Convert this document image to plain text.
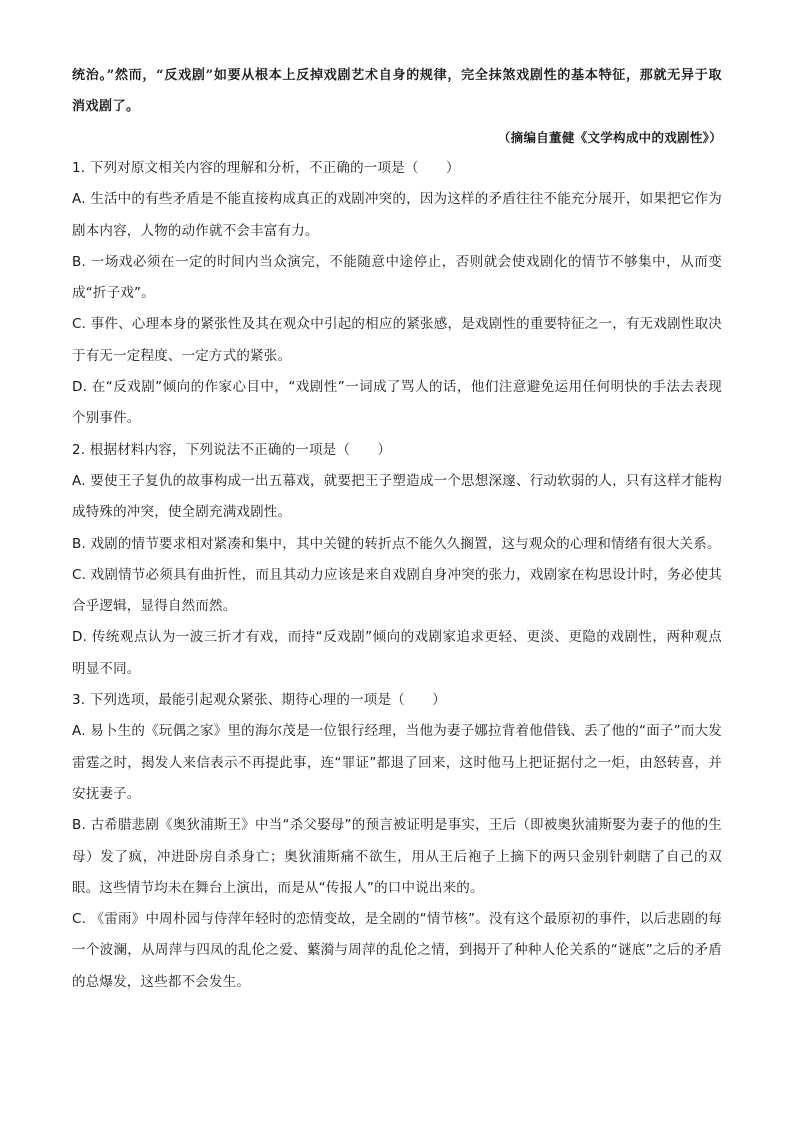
统治。”然而，“反戏剧”如要从根本上反掉戏剧艺术自身的规律，完全抹煞戏剧性的基本特征，那就无异于取消戏剧了。

（摘编自董健《文学构成中的戏剧性》）

1. 下列对原文相关内容的理解和分析，不正确的一项是（　　）

A. 生活中的有些矛盾是不能直接构成真正的戏剧冲突的，因为这样的矛盾往往不能充分展开，如果把它作为剧本内容，人物的动作就不会丰富有力。

B. 一场戏必须在一定的时间内当众演完，不能随意中途停止，否则就会使戏剧化的情节不够集中，从而变成“折子戏”。

C. 事件、心理本身的紧张性及其在观众中引起的相应的紧张感，是戏剧性的重要特征之一，有无戏剧性取决于有无一定程度、一定方式的紧张。

D. 在“反戏剧”倾向的作家心目中，“戏剧性”一词成了骂人的话，他们注意避免运用任何明快的手法去表现个别事件。

2. 根据材料内容，下列说法不正确的一项是（　　）

A. 要使王子复仇的故事构成一出五幕戏，就要把王子塑造成一个思想深邃、行动软弱的人，只有这样才能构成特殊的冲突，使全剧充满戏剧性。

B. 戏剧的情节要求相对紧凑和集中，其中关键的转折点不能久久搁置，这与观众的心理和情绪有很大关系。

C. 戏剧情节必须具有曲折性，而且其动力应该是来自戏剧自身冲突的张力，戏剧家在构思设计时，务必使其合乎逻辑，显得自然而然。

D. 传统观点认为一波三折才有戏，而持“反戏剧”倾向的戏剧家追求更轻、更淡、更隐的戏剧性，两种观点明显不同。

3. 下列选项，最能引起观众紧张、期待心理的一项是（　　）

A. 易卜生的《玩偶之家》里的海尔茂是一位银行经理，当他为妻子娜拉背着他借钱、丢了他的“面子”而大发雷霆之时，揭发人来信表示不再提此事，连“罪证”都退了回来，这时他马上把证据付之一炬，由怒转喜，并安抚妻子。

B. 古希腊悲剧《奥狄浦斯王》中当“杀父娶母”的预言被证明是事实，王后（即被奥狄浦斯娶为妻子的他的生母）发了疯，冲进卧房自杀身亡；奥狄浦斯痛不欲生，用从王后袍子上摘下的两只金别针刺瞎了自己的双眼。这些情节均未在舞台上演出，而是从“传报人”的口中说出来的。

C. 《雷雨》中周朴园与侍萍年轻时的恋情变故，是全剧的“情节核”。没有这个最原初的事件，以后悲剧的每一个波澜，从周萍与四凤的乱伦之爱、蘩漪与周萍的乱伦之情，到揭开了种种人伦关系的“谜底”之后的矛盾的总爆发，这些都不会发生。
